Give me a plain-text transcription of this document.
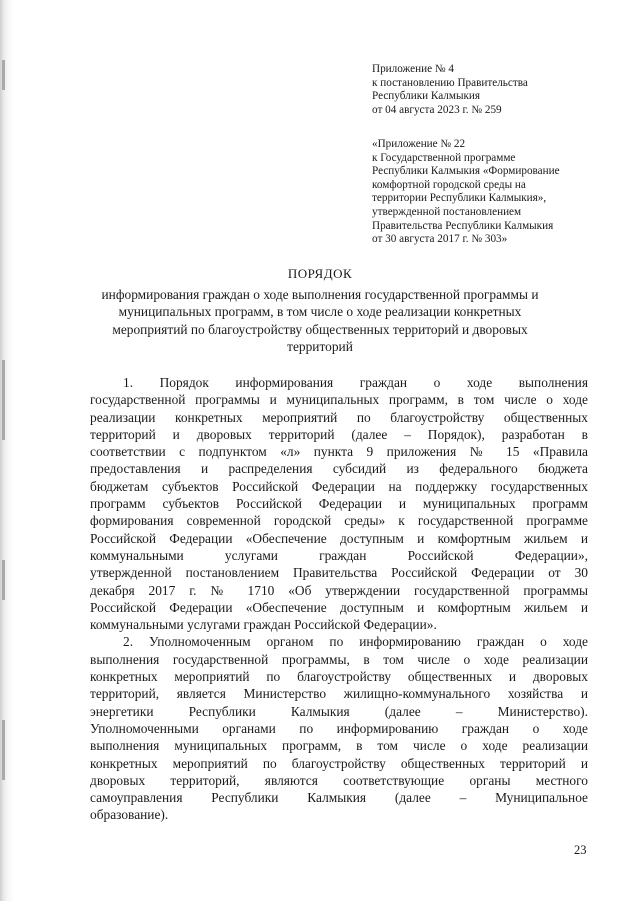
Приложение № 4
к постановлению Правительства
Республики Калмыкия
от 04 августа 2023 г. № 259
«Приложение № 22
к Государственной программе
Республики Калмыкия «Формирование
комфортной городской среды на
территории Республики Калмыкия»,
утвержденной постановлением
Правительства Республики Калмыкия
от 30 августа 2017 г. № 303»
ПОРЯДОК
информирования граждан о ходе выполнения государственной программы и
муниципальных программ, в том числе о ходе реализации конкретных
мероприятий по благоустройству общественных территорий и дворовых
территорий
1. Порядок информирования граждан о ходе выполнения
государственной программы и муниципальных программ, в том числе о ходе
реализации конкретных мероприятий по благоустройству общественных
территорий и дворовых территорий (далее – Порядок), разработан в
соответствии с подпунктом «л» пункта 9 приложения № 15 «Правила
предоставления и распределения субсидий из федерального бюджета
бюджетам субъектов Российской Федерации на поддержку государственных
программ субъектов Российской Федерации и муниципальных программ
формирования современной городской среды» к государственной программе
Российской Федерации «Обеспечение доступным и комфортным жильем и
коммунальными услугами граждан Российской Федерации»,
утвержденной постановлением Правительства Российской Федерации от 30
декабря 2017 г. № 1710 «Об утверждении государственной программы
Российской Федерации «Обеспечение доступным и комфортным жильем и
коммунальными услугами граждан Российской Федерации».
2. Уполномоченным органом по информированию граждан о ходе
выполнения государственной программы, в том числе о ходе реализации
конкретных мероприятий по благоустройству общественных и дворовых
территорий, является Министерство жилищно-коммунального хозяйства и
энергетики Республики Калмыкия (далее – Министерство).
Уполномоченными органами по информированию граждан о ходе
выполнения муниципальных программ, в том числе о ходе реализации
конкретных мероприятий по благоустройству общественных территорий и
дворовых территорий, являются соответствующие органы местного
самоуправления Республики Калмыкия (далее – Муниципальное
образование).
23
